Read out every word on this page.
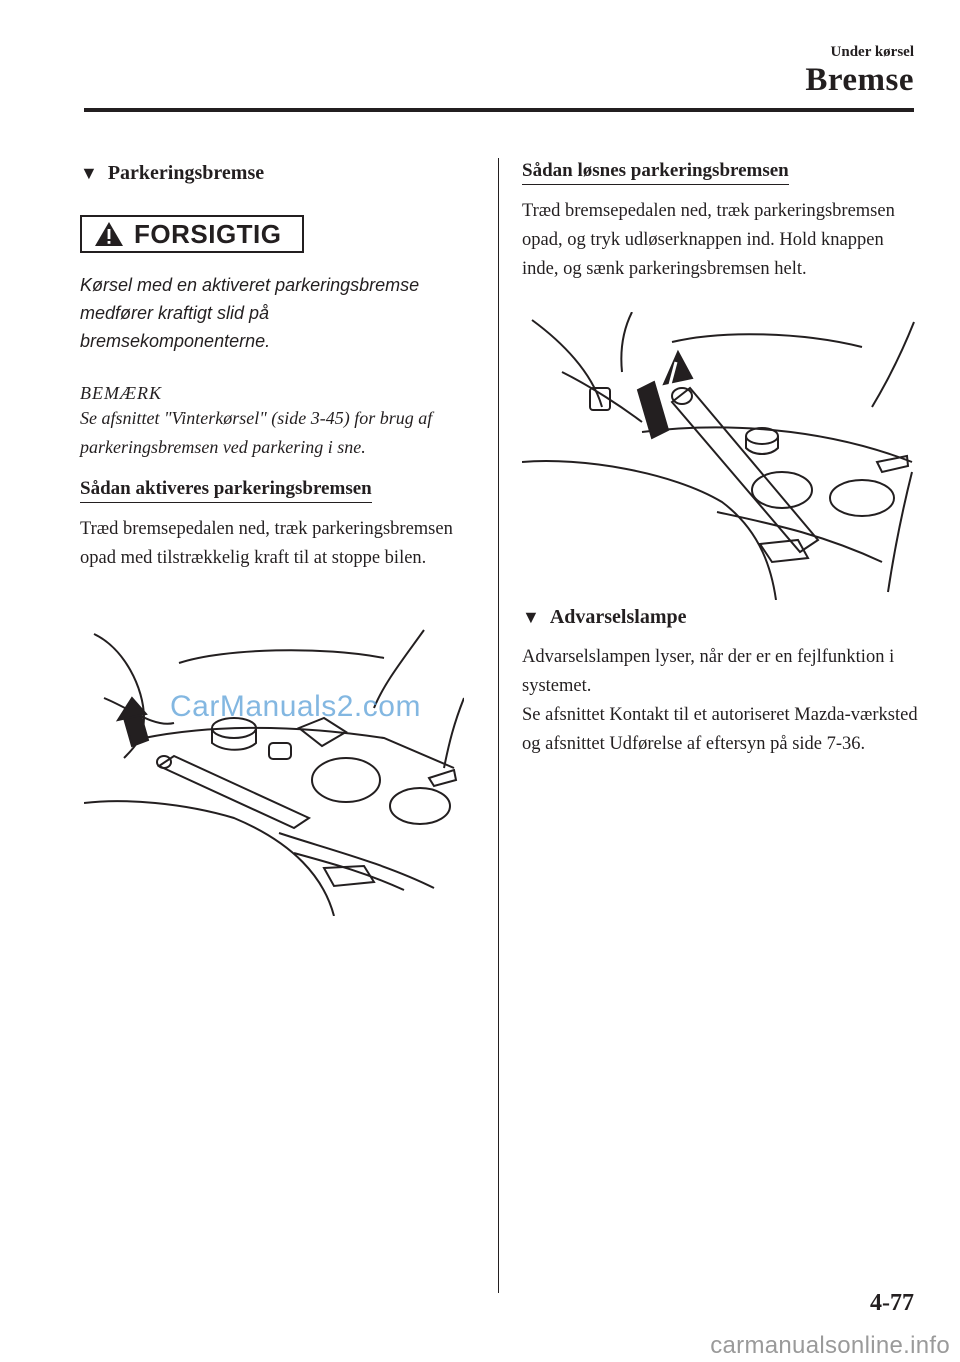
Under kørsel
Bremse
▼ Parkeringsbremse
FORSIGTIG
Kørsel med en aktiveret parkeringsbremse medfører kraftigt slid på bremsekomponenterne.
BEMÆRK
Se afsnittet "Vinterkørsel" (side 3-45) for brug af parkeringsbremsen ved parkering i sne.
Sådan aktiveres parkeringsbremsen
Træd bremsepedalen ned, træk parkeringsbremsen opad med tilstrækkelig kraft til at stoppe bilen.
CarManuals2.com
Sådan løsnes parkeringsbremsen
Træd bremsepedalen ned, træk parkeringsbremsen opad, og tryk udløserknappen ind. Hold knappen inde, og sænk parkeringsbremsen helt.
▼ Advarselslampe
Advarselslampen lyser, når der er en fejlfunktion i systemet.
Se afsnittet Kontakt til et autoriseret Mazda-værksted og afsnittet Udførelse af eftersyn på side 7-36.
4-77
carmanualsonline.info
